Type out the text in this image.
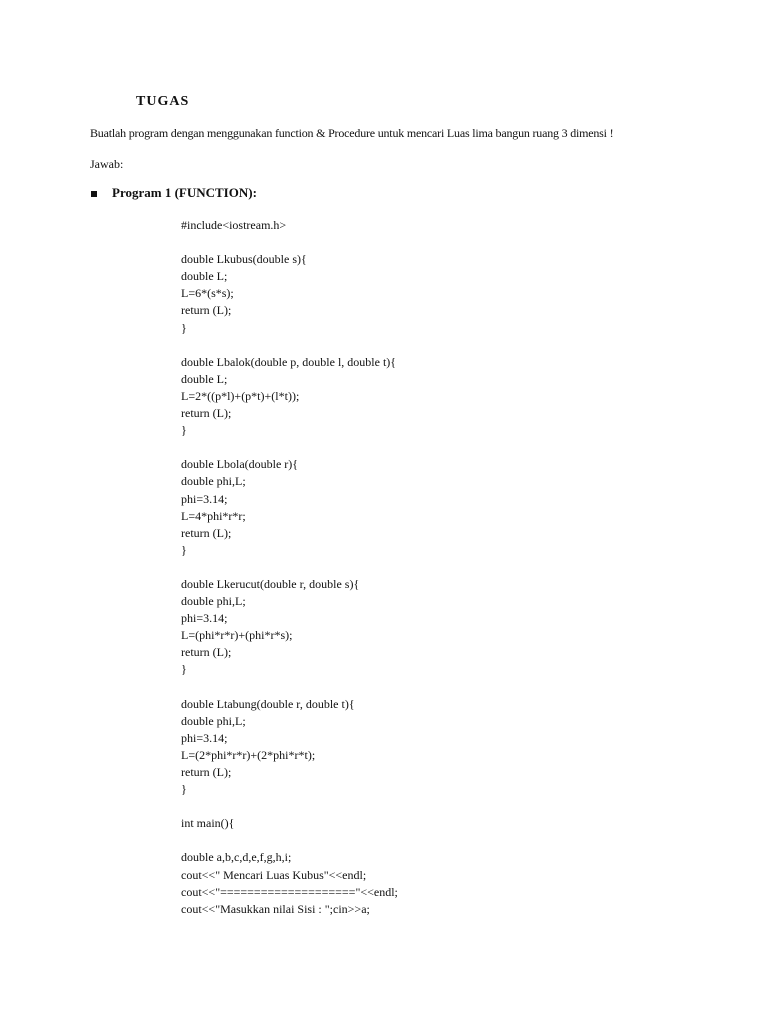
TUGAS
Buatlah program dengan menggunakan function & Procedure untuk mencari Luas lima bangun ruang 3 dimensi !
Jawab:
Program 1 (FUNCTION):
#include<iostream.h>
double Lkubus(double s){
double L;
L=6*(s*s);
return (L);
}
double Lbalok(double p, double l, double t){
double L;
L=2*((p*l)+(p*t)+(l*t));
return (L);
}
double Lbola(double r){
double phi,L;
phi=3.14;
L=4*phi*r*r;
return (L);
}
double Lkerucut(double r, double s){
double phi,L;
phi=3.14;
L=(phi*r*r)+(phi*r*s);
return (L);
}
double Ltabung(double r, double t){
double phi,L;
phi=3.14;
L=(2*phi*r*r)+(2*phi*r*t);
return (L);
}
int main(){
double a,b,c,d,e,f,g,h,i;
cout<<" Mencari Luas Kubus"<<endl;
cout<<"===================="<<endl;
cout<<"Masukkan nilai Sisi : ";cin>>a;
